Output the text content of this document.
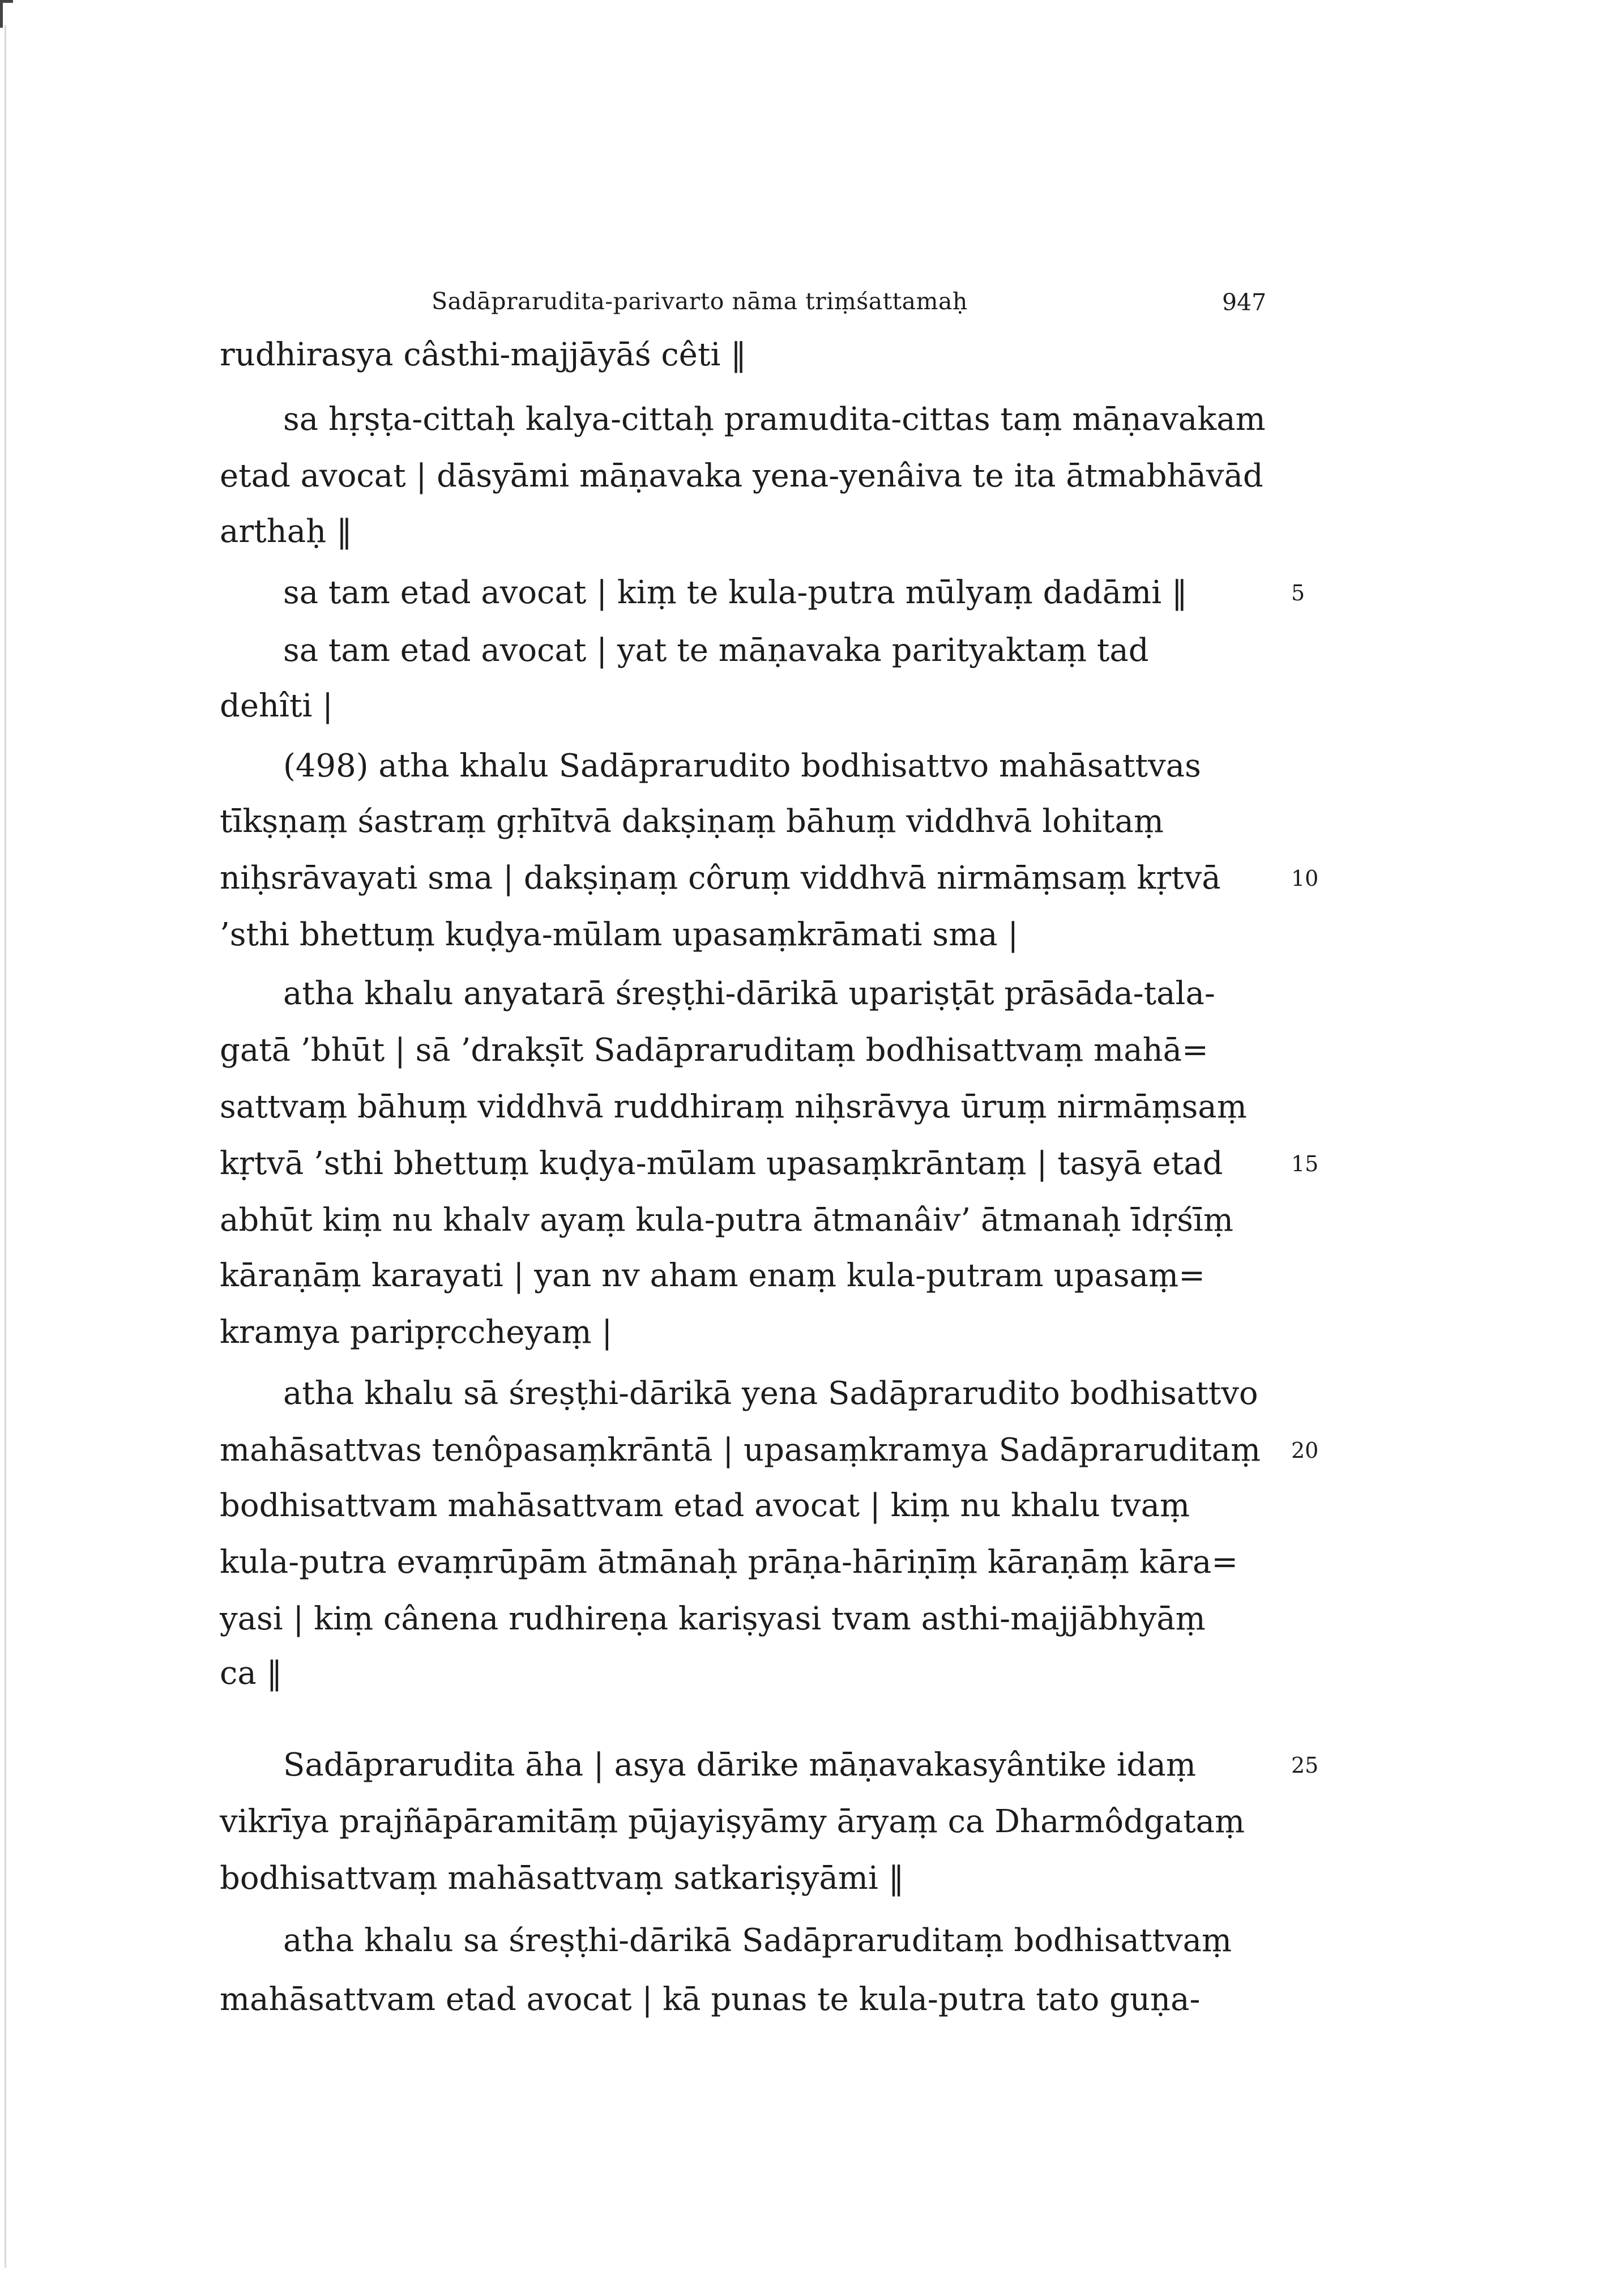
Sadāprarudita-parivarto nāma triṃśattamaḥ	947
rudhirasya câsthi-majjāyāś cêti ‖
sa hṛṣṭa-cittaḥ kalya-cittaḥ pramudita-cittas taṃ māṇavakam
etad avocat | dāsyāmi māṇavaka yena-yenâiva te ita ātmabhāvād
arthaḥ ‖
sa tam etad avocat | kiṃ te kula-putra mūlyaṃ dadāmi ‖
sa tam etad avocat | yat te māṇavaka parityaktaṃ tad
dehîti |
(498) atha khalu Sadāprarudito bodhisattvo mahāsattvas
tīkṣṇaṃ śastraṃ gṛhītvā dakṣiṇaṃ bāhuṃ viddhvā lohitaṃ
niḥsrāvayati sma | dakṣiṇaṃ côruṃ viddhvā nirmāṃsaṃ kṛtvā
’sthi bhettuṃ kuḍya-mūlam upasaṃkrāmati sma |
atha khalu anyatarā śreṣṭhi-dārikā upariṣṭāt prāsāda-tala-
gatā ’bhūt | sā ’drakṣīt Sadāpraruditaṃ bodhisattvaṃ mahā=
sattvaṃ bāhuṃ viddhvā ruddhiraṃ niḥsrāvya ūruṃ nirmāṃsaṃ
kṛtvā ’sthi bhettuṃ kuḍya-mūlam upasaṃkrāntaṃ | tasyā etad
abhūt kiṃ nu khalv ayaṃ kula-putra ātmanâiv’ ātmanaḥ īdṛśīṃ
kāraṇāṃ karayati | yan nv aham enaṃ kula-putram upasaṃ=
kramya paripṛccheyaṃ |
atha khalu sā śreṣṭhi-dārikā yena Sadāprarudito bodhisattvo
mahāsattvas tenôpasaṃkrāntā | upasaṃkramya Sadāpraruditaṃ
bodhisattvam mahāsattvam etad avocat | kiṃ nu khalu tvaṃ
kula-putra evaṃrūpām ātmānaḥ prāṇa-hāriṇīṃ kāraṇāṃ kāra=
yasi | kiṃ cânena rudhireṇa kariṣyasi tvam asthi-majjābhyāṃ
ca ‖
Sadāprarudita āha | asya dārike māṇavakasyântike idaṃ
vikrīya prajñāpāramitāṃ pūjayiṣyāmy āryaṃ ca Dharmôdgataṃ
bodhisattvaṃ mahāsattvaṃ satkariṣyāmi ‖
atha khalu sa śreṣṭhi-dārikā Sadāpraruditaṃ bodhisattvaṃ
mahāsattvam etad avocat | kā punas te kula-putra tato guṇa-
5
10
15
20
25
